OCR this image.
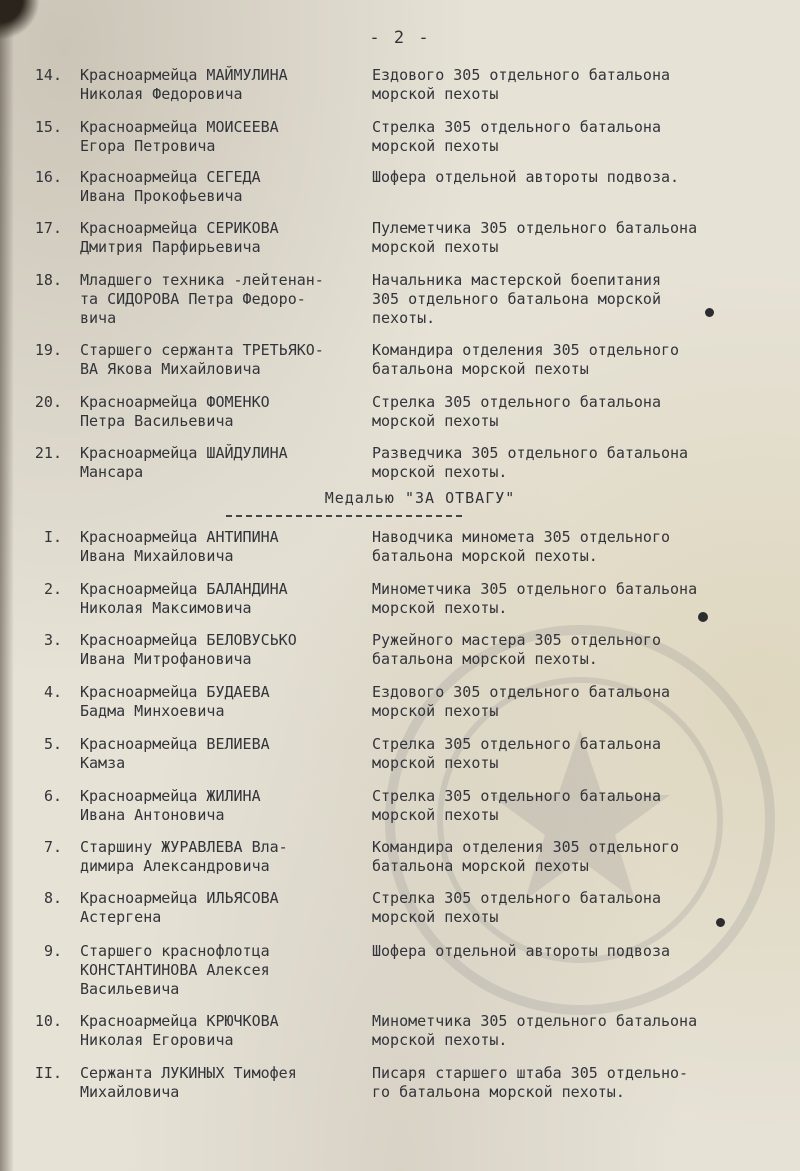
- 2 -
14. Красноармейца МАЙМУЛИНА
Николая Федоровича
Ездового 305 отдельного батальона
морской пехоты
15. Красноармейца МОИСЕЕВА
Егора Петровича
Стрелка 305 отдельного батальона
морской пехоты
16. Красноармейца СЕГЕДА
Ивана Прокофьевича
Шофера отдельной автороты подвоза.
17. Красноармейца СЕРИКОВА
Дмитрия Парфирьевича
Пулеметчика 305 отдельного батальона
морской пехоты
18. Младшего техника -лейтенан-
та СИДОРОВА Петра Федоро-
вича
Начальника мастерской боепитания
305 отдельного батальона морской
пехоты.
19. Старшего сержанта ТРЕТЬЯКО-
ВА Якова Михайловича
Командира отделения 305 отдельного
батальона морской пехоты
20. Красноармейца ФОМЕНКО
Петра Васильевича
Стрелка 305 отдельного батальона
морской пехоты
21. Красноармейца ШАЙДУЛИНА
Мансара
Разведчика 305 отдельного батальона
морской пехоты.
Медалью "ЗА ОТВАГУ"
I. Красноармейца АНТИПИНА
Ивана Михайловича
Наводчика миномета 305 отдельного
батальона морской пехоты.
2. Красноармейца БАЛАНДИНА
Николая Максимовича
Минометчика 305 отдельного батальона
морской пехоты.
3. Красноармейца БЕЛОВУСЬКО
Ивана Митрофановича
Ружейного мастера 305 отдельного
батальона морской пехоты.
4. Красноармейца БУДАЕВА
Бадма Минхоевича
Ездового 305 отдельного батальона
морской пехоты
5. Красноармейца ВЕЛИЕВА
Камза
Стрелка 305 отдельного батальона
морской пехоты
6. Красноармейца ЖИЛИНА
Ивана Антоновича
Стрелка 305 отдельного батальона
морской пехоты
7. Старшину ЖУРАВЛЕВА Вла-
димира Александровича
Командира отделения 305 отдельного
батальона морской пехоты
8. Красноармейца ИЛЬЯСОВА
Астергена
Стрелка 305 отдельного батальона
морской пехоты
9. Старшего краснофлотца
КОНСТАНТИНОВА Алексея
Васильевича
Шофера отдельной автороты подвоза
10. Красноармейца КРЮЧКОВА
Николая Егоровича
Минометчика 305 отдельного батальона
морской пехоты.
II. Сержанта ЛУКИНЫХ Тимофея
Михайловича
Писаря старшего штаба 305 отдельно-
го батальона морской пехоты.
